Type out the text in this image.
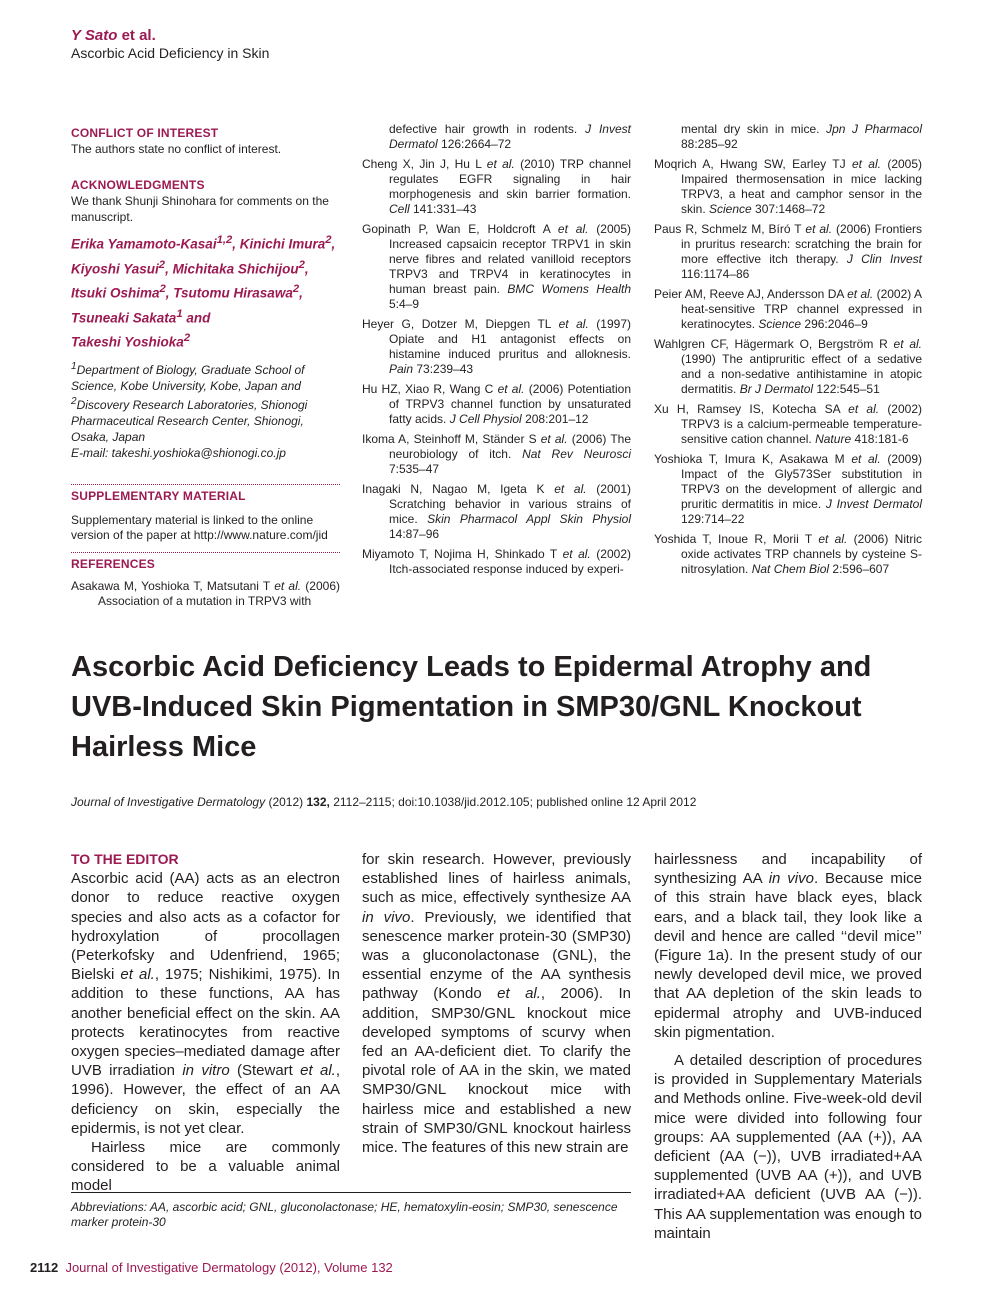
Y Sato et al.
Ascorbic Acid Deficiency in Skin
CONFLICT OF INTEREST
The authors state no conflict of interest.
ACKNOWLEDGMENTS
We thank Shunji Shinohara for comments on the manuscript.
Erika Yamamoto-Kasai$^{1,2}$, Kinichi Imura$^2$,
Kiyoshi Yasui$^2$, Michitaka Shichijou$^2$,
Itsuki Oshima$^2$, Tsutomu Hirasawa$^2$,
Tsuneaki Sakata$^1$ and
Takeshi Yoshioka$^2$
$^1$Department of Biology, Graduate School of
Science, Kobe University, Kobe, Japan and
$^2$Discovery Research Laboratories, Shionogi
Pharmaceutical Research Center, Shionogi,
Osaka, Japan
E-mail: takeshi.yoshioka@shionogi.co.jp
SUPPLEMENTARY MATERIAL
Supplementary material is linked to the online version of the paper at http://www.nature.com/jid
REFERENCES
Asakawa M, Yoshioka T, Matsutani T et al. (2006) Association of a mutation in TRPV3 with
defective hair growth in rodents. J Invest Dermatol 126:2664–72
Cheng X, Jin J, Hu L et al. (2010) TRP channel regulates EGFR signaling in hair morphogenesis and skin barrier formation. Cell 141:331–43
Gopinath P, Wan E, Holdcroft A et al. (2005) Increased capsaicin receptor TRPV1 in skin nerve fibres and related vanilloid receptors TRPV3 and TRPV4 in keratinocytes in human breast pain. BMC Womens Health 5:4–9
Heyer G, Dotzer M, Diepgen TL et al. (1997) Opiate and H1 antagonist effects on histamine induced pruritus and alloknesis. Pain 73:239–43
Hu HZ, Xiao R, Wang C et al. (2006) Potentiation of TRPV3 channel function by unsaturated fatty acids. J Cell Physiol 208:201–12
Ikoma A, Steinhoff M, Ständer S et al. (2006) The neurobiology of itch. Nat Rev Neurosci 7:535–47
Inagaki N, Nagao M, Igeta K et al. (2001) Scratching behavior in various strains of mice. Skin Pharmacol Appl Skin Physiol 14:87–96
Miyamoto T, Nojima H, Shinkado T et al. (2002) Itch-associated response induced by experi-
mental dry skin in mice. Jpn J Pharmacol 88:285–92
Moqrich A, Hwang SW, Earley TJ et al. (2005) Impaired thermosensation in mice lacking TRPV3, a heat and camphor sensor in the skin. Science 307:1468–72
Paus R, Schmelz M, Bíró T et al. (2006) Frontiers in pruritus research: scratching the brain for more effective itch therapy. J Clin Invest 116:1174–86
Peier AM, Reeve AJ, Andersson DA et al. (2002) A heat-sensitive TRP channel expressed in keratinocytes. Science 296:2046–9
Wahlgren CF, Hägermark O, Bergström R et al. (1990) The antipruritic effect of a sedative and a non-sedative antihistamine in atopic dermatitis. Br J Dermatol 122:545–51
Xu H, Ramsey IS, Kotecha SA et al. (2002) TRPV3 is a calcium-permeable temperature-sensitive cation channel. Nature 418:181-6
Yoshioka T, Imura K, Asakawa M et al. (2009) Impact of the Gly573Ser substitution in TRPV3 on the development of allergic and pruritic dermatitis in mice. J Invest Dermatol 129:714–22
Yoshida T, Inoue R, Morii T et al. (2006) Nitric oxide activates TRP channels by cysteine S-nitrosylation. Nat Chem Biol 2:596–607
Ascorbic Acid Deficiency Leads to Epidermal Atrophy and UVB-Induced Skin Pigmentation in SMP30/GNL Knockout Hairless Mice
Journal of Investigative Dermatology (2012) 132, 2112–2115; doi:10.1038/jid.2012.105; published online 12 April 2012
TO THE EDITOR

Ascorbic acid (AA) acts as an electron donor to reduce reactive oxygen species and also acts as a cofactor for hydroxylation of procollagen (Peterkofsky and Udenfriend, 1965; Bielski et al., 1975; Nishikimi, 1975). In addition to these functions, AA has another beneficial effect on the skin. AA protects keratinocytes from reactive oxygen species–mediated damage after UVB irradiation in vitro (Stewart et al., 1996). However, the effect of an AA deficiency on skin, especially the epidermis, is not yet clear.

Hairless mice are commonly considered to be a valuable animal model

for skin research. However, previously established lines of hairless animals, such as mice, effectively synthesize AA in vivo. Previously, we identified that senescence marker protein-30 (SMP30) was a gluconolactonase (GNL), the essential enzyme of the AA synthesis pathway (Kondo et al., 2006). In addition, SMP30/GNL knockout mice developed symptoms of scurvy when fed an AA-deficient diet. To clarify the pivotal role of AA in the skin, we mated SMP30/GNL knockout mice with hairless mice and established a new strain of SMP30/GNL knockout hairless mice. The features of this new strain are

hairlessness and incapability of synthesizing AA in vivo. Because mice of this strain have black eyes, black ears, and a black tail, they look like a devil and hence are called ‘‘devil mice’’ (Figure 1a). In the present study of our newly developed devil mice, we proved that AA depletion of the skin leads to epidermal atrophy and UVB-induced skin pigmentation.

A detailed description of procedures is provided in Supplementary Materials and Methods online. Five-week-old devil mice were divided into following four groups: AA supplemented (AA (+)), AA deficient (AA (−)), UVB irradiated+AA supplemented (UVB AA (+)), and UVB irradiated+AA deficient (UVB AA (−)). This AA supplementation was enough to maintain

Abbreviations: AA, ascorbic acid; GNL, gluconolactonase; HE, hematoxylin-eosin; SMP30, senescence marker protein-30
2112 Journal of Investigative Dermatology (2012), Volume 132
